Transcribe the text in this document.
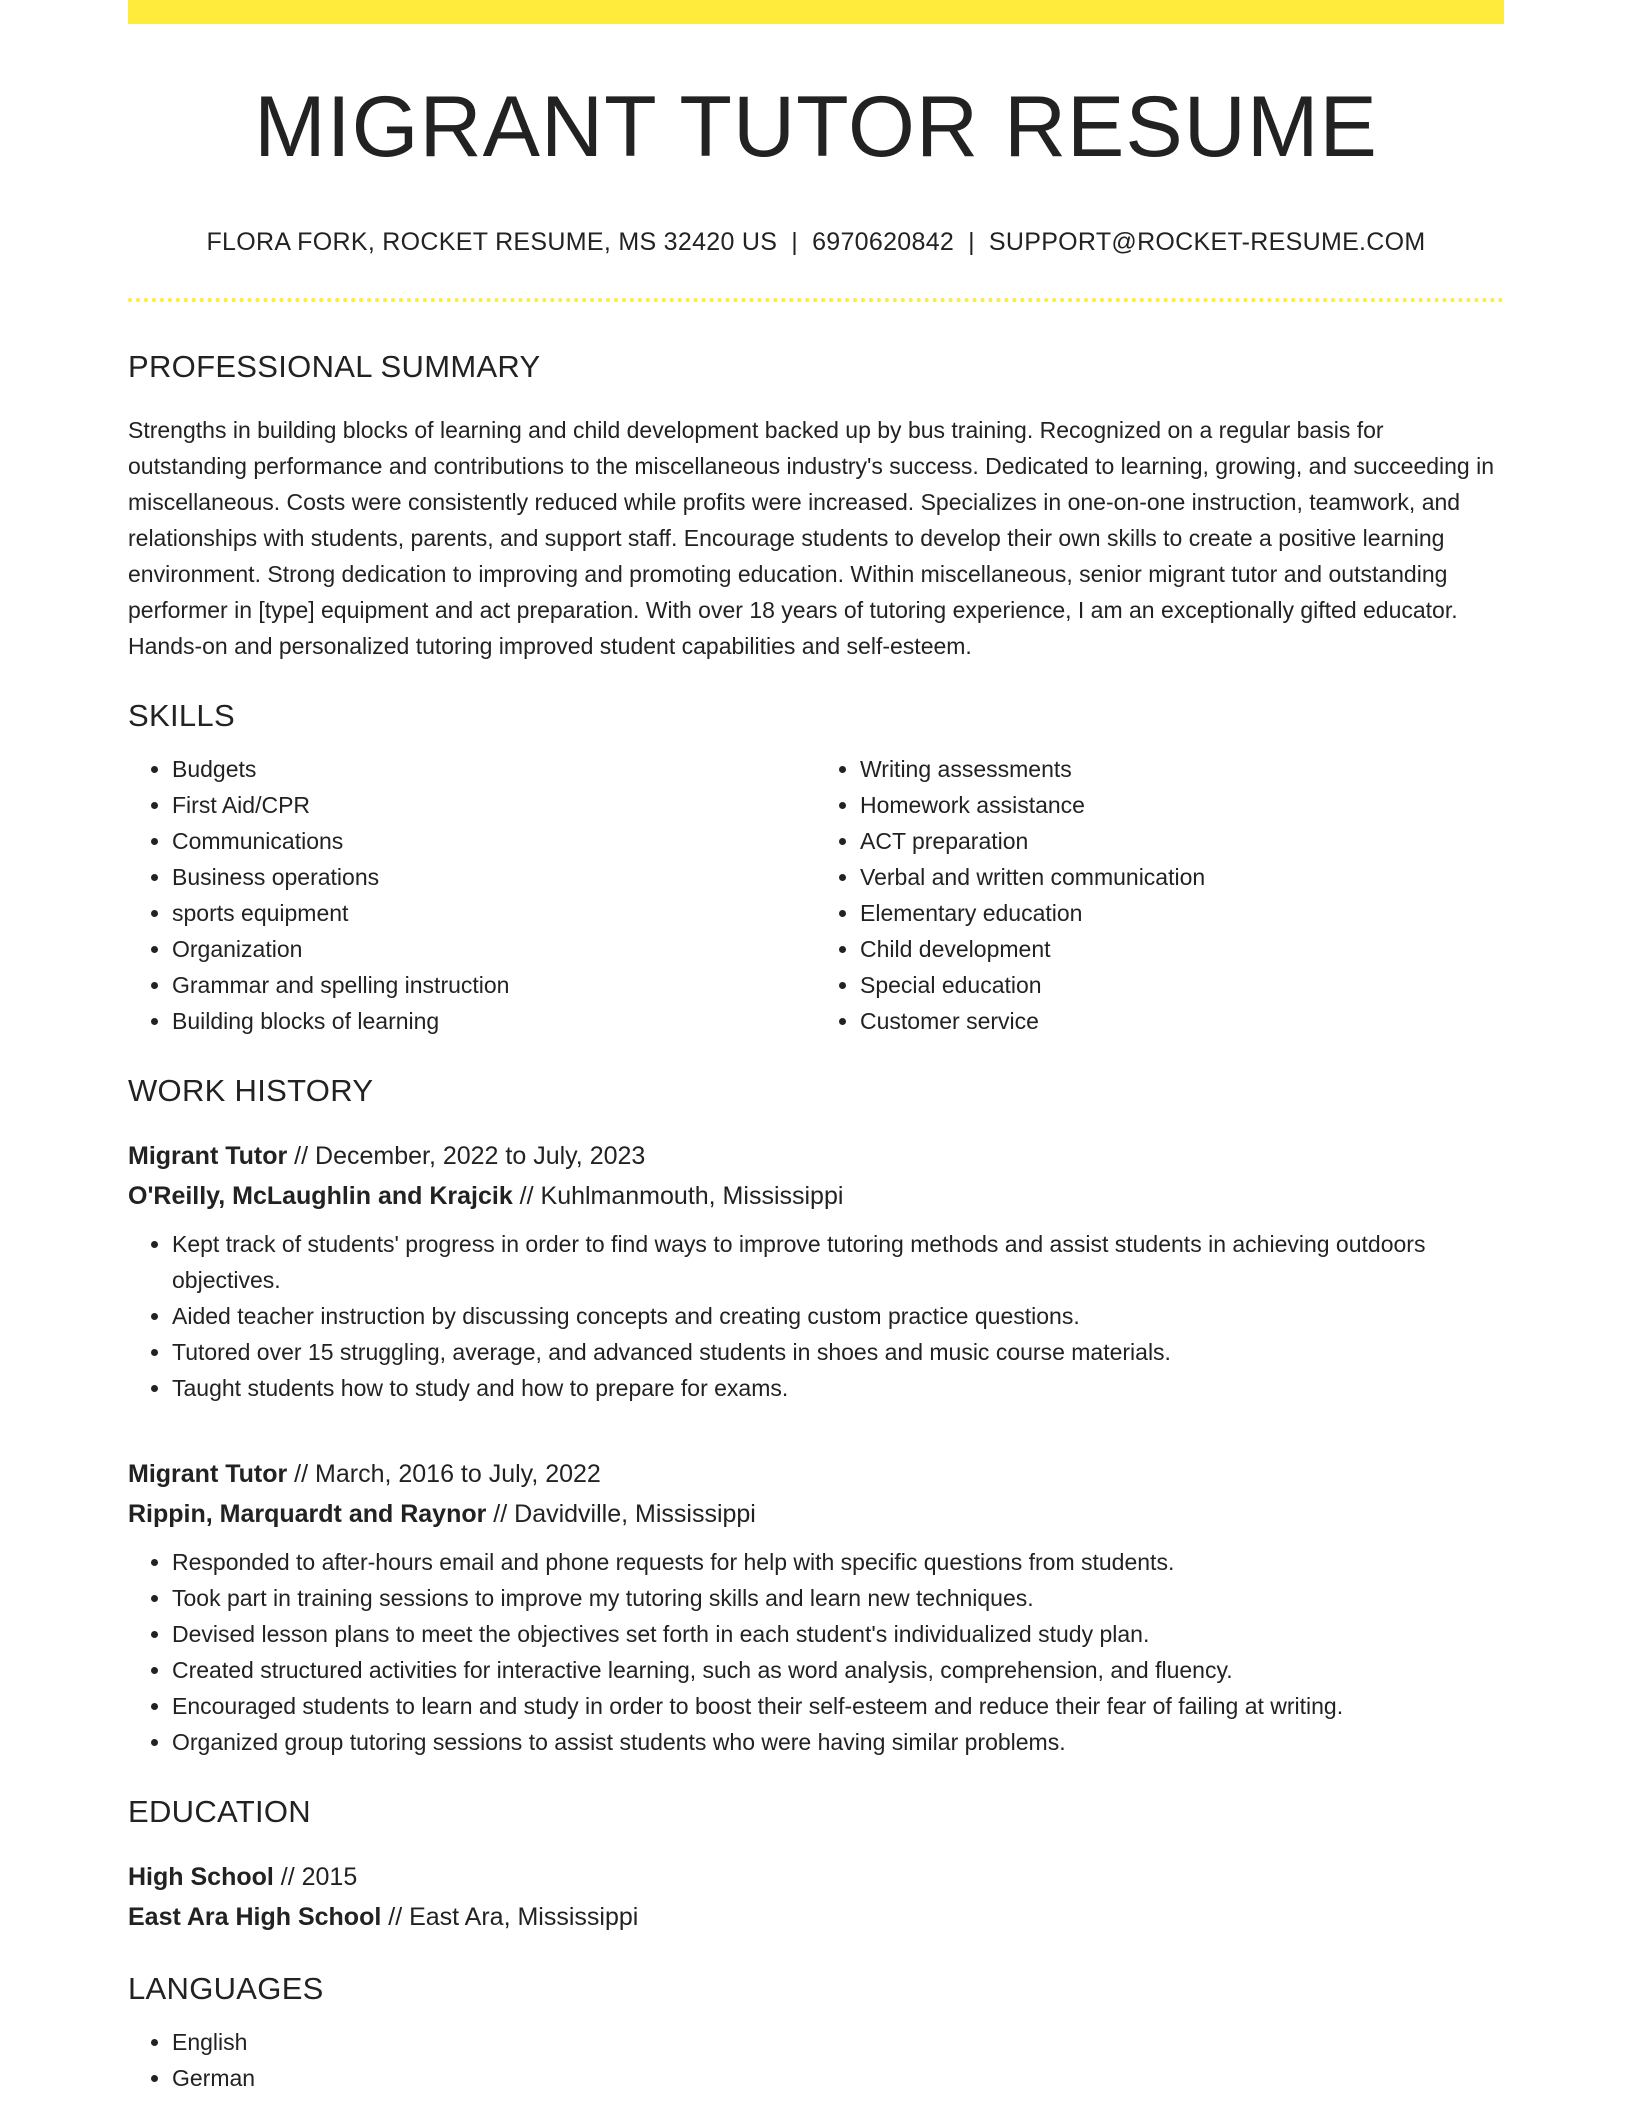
MIGRANT TUTOR RESUME
FLORA FORK, ROCKET RESUME, MS 32420 US | 6970620842 | SUPPORT@ROCKET-RESUME.COM
PROFESSIONAL SUMMARY
Strengths in building blocks of learning and child development backed up by bus training. Recognized on a regular basis for outstanding performance and contributions to the miscellaneous industry's success. Dedicated to learning, growing, and succeeding in miscellaneous. Costs were consistently reduced while profits were increased. Specializes in one-on-one instruction, teamwork, and relationships with students, parents, and support staff. Encourage students to develop their own skills to create a positive learning environment. Strong dedication to improving and promoting education. Within miscellaneous, senior migrant tutor and outstanding performer in [type] equipment and act preparation. With over 18 years of tutoring experience, I am an exceptionally gifted educator. Hands-on and personalized tutoring improved student capabilities and self-esteem.
SKILLS
• Budgets
• First Aid/CPR
• Communications
• Business operations
• sports equipment
• Organization
• Grammar and spelling instruction
• Building blocks of learning
• Writing assessments
• Homework assistance
• ACT preparation
• Verbal and written communication
• Elementary education
• Child development
• Special education
• Customer service
WORK HISTORY
Migrant Tutor // December, 2022 to July, 2023
O'Reilly, McLaughlin and Krajcik // Kuhlmanmouth, Mississippi
• Kept track of students' progress in order to find ways to improve tutoring methods and assist students in achieving outdoors objectives.
• Aided teacher instruction by discussing concepts and creating custom practice questions.
• Tutored over 15 struggling, average, and advanced students in shoes and music course materials.
• Taught students how to study and how to prepare for exams.
Migrant Tutor // March, 2016 to July, 2022
Rippin, Marquardt and Raynor // Davidville, Mississippi
• Responded to after-hours email and phone requests for help with specific questions from students.
• Took part in training sessions to improve my tutoring skills and learn new techniques.
• Devised lesson plans to meet the objectives set forth in each student's individualized study plan.
• Created structured activities for interactive learning, such as word analysis, comprehension, and fluency.
• Encouraged students to learn and study in order to boost their self-esteem and reduce their fear of failing at writing.
• Organized group tutoring sessions to assist students who were having similar problems.
EDUCATION
High School // 2015
East Ara High School // East Ara, Mississippi
LANGUAGES
• English
• German
